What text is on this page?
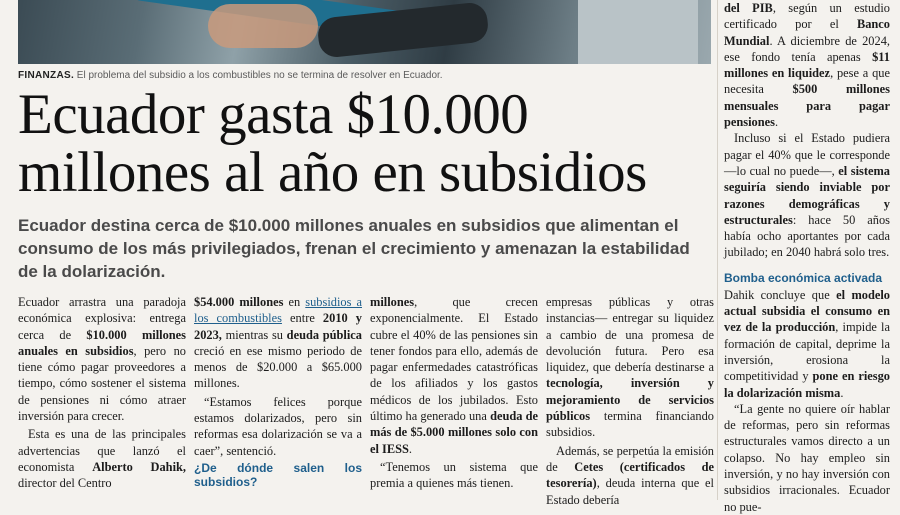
FINANZAS. El problema del subsidio a los combustibles no se termina de resolver en Ecuador.
Ecuador gasta $10.000
millones al año en subsidios

Ecuador destina cerca de $10.000 millones anuales en subsidios que alimentan el consumo de los más privilegiados, frenan el crecimiento y amenazan la estabilidad de la dolarización.

Ecuador arrastra una paradoja económica explosiva: entrega cerca de $10.000 millones anuales en subsidios, pero no tiene cómo pagar proveedores a tiempo, cómo sostener el sistema de pensiones ni cómo atraer inversión para crecer.

Esta es una de las principales advertencias que lanzó el economista Alberto Dahik, director del Centro

$54.000 millones en subsidios a los combustibles entre 2010 y 2023, mientras su deuda pública creció en ese mismo periodo de menos de $20.000 a $65.000 millones.

“Estamos felices porque estamos dolarizados, pero sin reformas esa dolarización se va a caer”, sentenció.

¿De dónde salen los subsidios?

millones, que crecen exponencialmente. El Estado cubre el 40% de las pensiones sin tener fondos para ello, además de pagar enfermedades catastróficas de los afiliados y los gastos médicos de los jubilados. Esto último ha generado una deuda de más de $5.000 millones solo con el IESS.

“Tenemos un sistema que premia a quienes más tienen.

empresas públicas y otras instancias— entregar su liquidez a cambio de una promesa de devolución futura. Pero esa liquidez, que debería destinarse a tecnología, inversión y mejoramiento de servicios públicos termina financiando subsidios.

Además, se perpetúa la emisión de Cetes (certificados de tesorería), deuda interna que el Estado debería

del PIB, según un estudio certificado por el Banco Mundial. A diciembre de 2024, ese fondo tenía apenas $11 millones en liquidez, pese a que necesita $500 millones mensuales para pagar pensiones.

Incluso si el Estado pudiera pagar el 40% que le corresponde —lo cual no puede—, el sistema seguiría siendo inviable por razones demográficas y estructurales: hace 50 años había ocho aportantes por cada jubilado; en 2040 habrá solo tres.

Bomba económica activada

Dahik concluye que el modelo actual subsidia el consumo en vez de la producción, impide la formación de capital, deprime la inversión, erosiona la competitividad y pone en riesgo la dolarización misma.

“La gente no quiere oír hablar de reformas, pero sin reformas estructurales vamos directo a un colapso. No hay empleo sin inversión, y no hay inversión con subsidios irracionales. Ecuador no pue-
